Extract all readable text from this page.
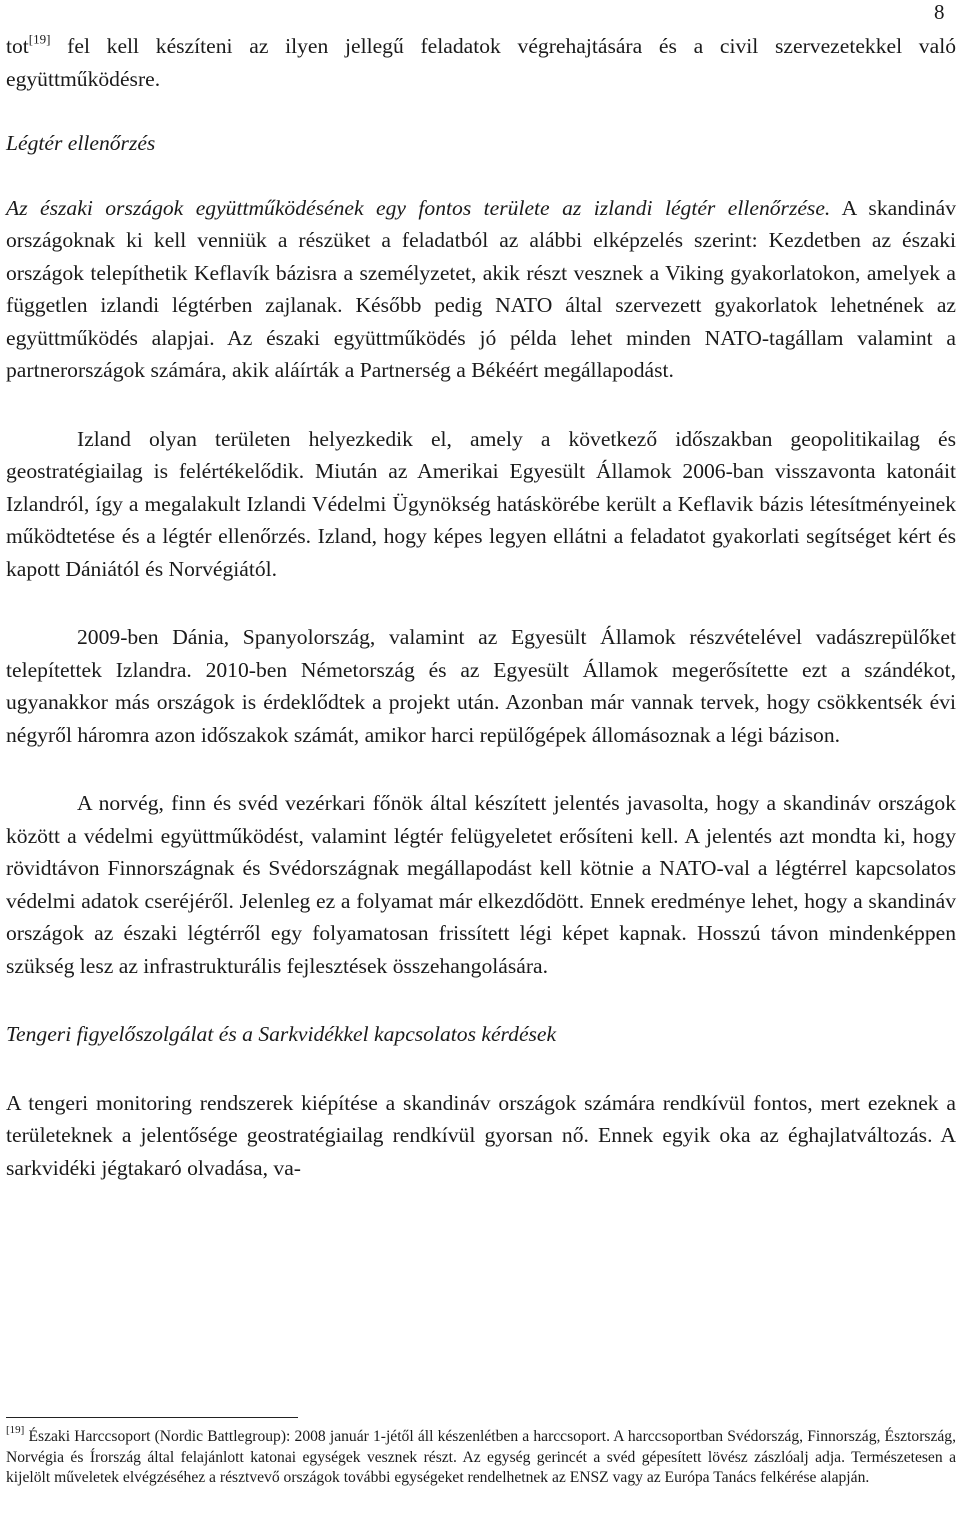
8

tot[19] fel kell készíteni az ilyen jellegű feladatok végrehajtására és a civil szervezetekkel való együttműködésre.

Légtér ellenőrzés

Az északi országok együttműködésének egy fontos területe az izlandi légtér ellenőrzése. A skandináv országoknak ki kell venniük a részüket a feladatból az alábbi elképzelés szerint: Kezdetben az északi országok telepíthetik Keflavík bázisra a személyzetet, akik részt vesznek a Viking gyakorlatokon, amelyek a független izlandi légtérben zajlanak. Később pedig NATO által szervezett gyakorlatok lehetnének az együttműködés alapjai. Az északi együttműködés jó példa lehet minden NATO-tagállam valamint a partnerországok számára, akik aláírták a Partnerség a Békéért megállapodást.

Izland olyan területen helyezkedik el, amely a következő időszakban geopolitikailag és geostratégiailag is felértékelődik. Miután az Amerikai Egyesült Államok 2006-ban visszavonta katonáit Izlandról, így a megalakult Izlandi Védelmi Ügynökség hatáskörébe került a Keflavik bázis létesítményeinek működtetése és a légtér ellenőrzés. Izland, hogy képes legyen ellátni a feladatot gyakorlati segítséget kért és kapott Dániától és Norvégiától.

2009-ben Dánia, Spanyolország, valamint az Egyesült Államok részvételével vadászrepülőket telepítettek Izlandra. 2010-ben Németország és az Egyesült Államok megerősítette ezt a szándékot, ugyanakkor más országok is érdeklődtek a projekt után. Azonban már vannak tervek, hogy csökkentsék évi négyről háromra azon időszakok számát, amikor harci repülőgépek állomásoznak a légi bázison.

A norvég, finn és svéd vezérkari főnök által készített jelentés javasolta, hogy a skandináv országok között a védelmi együttműködést, valamint légtér felügyeletet erősíteni kell. A jelentés azt mondta ki, hogy rövidtávon Finnországnak és Svédországnak megállapodást kell kötnie a NATO-val a légtérrel kapcsolatos védelmi adatok cseréjéről. Jelenleg ez a folyamat már elkezdődött. Ennek eredménye lehet, hogy a skandináv országok az északi légtérről egy folyamatosan frissített légi képet kapnak. Hosszú távon mindenképpen szükség lesz az infrastrukturális fejlesztések összehangolására.

Tengeri figyelőszolgálat és a Sarkvidékkel kapcsolatos kérdések

A tengeri monitoring rendszerek kiépítése a skandináv országok számára rendkívül fontos, mert ezeknek a területeknek a jelentősége geostratégiailag rendkívül gyorsan nő. Ennek egyik oka az éghajlatváltozás. A sarkvidéki jégtakaró olvadása, va-

[19] Északi Harccsoport (Nordic Battlegroup): 2008 január 1-jétől áll készenlétben a harccsoport. A harccsoportban Svédország, Finnország, Észtország, Norvégia és Írország által felajánlott katonai egységek vesznek részt. Az egység gerincét a svéd gépesített lövész zászlóalj adja. Természetesen a kijelölt műveletek elvégzéséhez a résztvevő országok további egységeket rendelhetnek az ENSZ vagy az Európa Tanács felkérése alapján.
